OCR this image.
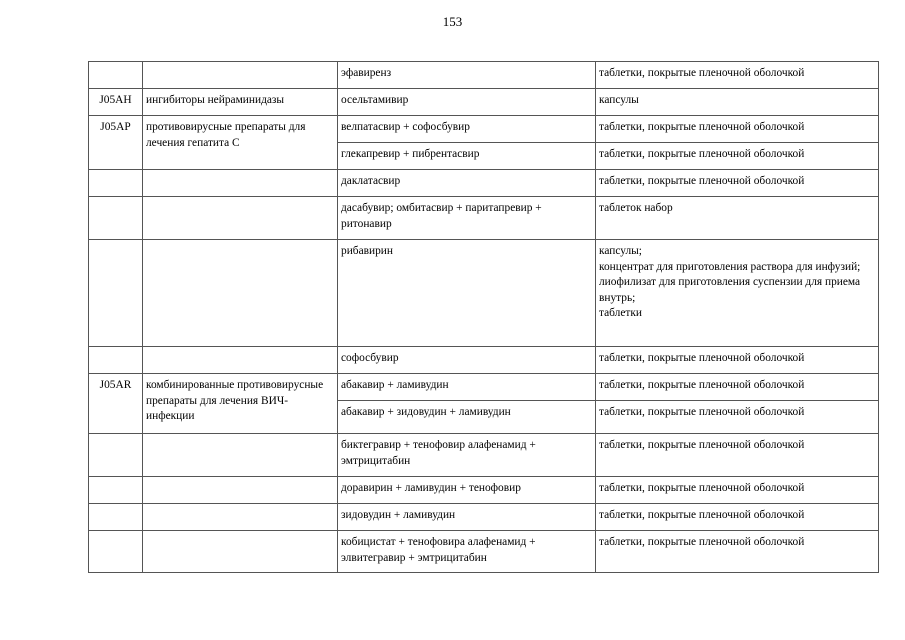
153
		эфавиренз	таблетки, покрытые пленочной оболочкой

J05AH	ингибиторы нейраминидазы	осельтамивир	капсулы

J05AP	противовирусные препараты для лечения гепатита С	велпатасвир + софосбувир	таблетки, покрытые пленочной оболочкой

		глекапревир + пибрентасвир	таблетки, покрытые пленочной оболочкой

		даклатасвир	таблетки, покрытые пленочной оболочкой

		дасабувир; омбитасвир + паритапревир + ритонавир	таблеток набор

		рибавирин	капсулы;
концентрат для приготовления раствора для инфузий;
лиофилизат для приготовления суспензии для приема внутрь;
таблетки

		софосбувир	таблетки, покрытые пленочной оболочкой

J05AR	комбинированные противовирусные препараты для лечения ВИЧ-инфекции	абакавир + ламивудин	таблетки, покрытые пленочной оболочкой

		абакавир + зидовудин + ламивудин	таблетки, покрытые пленочной оболочкой

		биктегравир + тенофовир алафенамид + эмтрицитабин	таблетки, покрытые пленочной оболочкой

		доравирин + ламивудин + тенофовир	таблетки, покрытые пленочной оболочкой

		зидовудин + ламивудин	таблетки, покрытые пленочной оболочкой

		кобицистат + тенофовира алафенамид + элвитегравир + эмтрицитабин	таблетки, покрытые пленочной оболочкой
